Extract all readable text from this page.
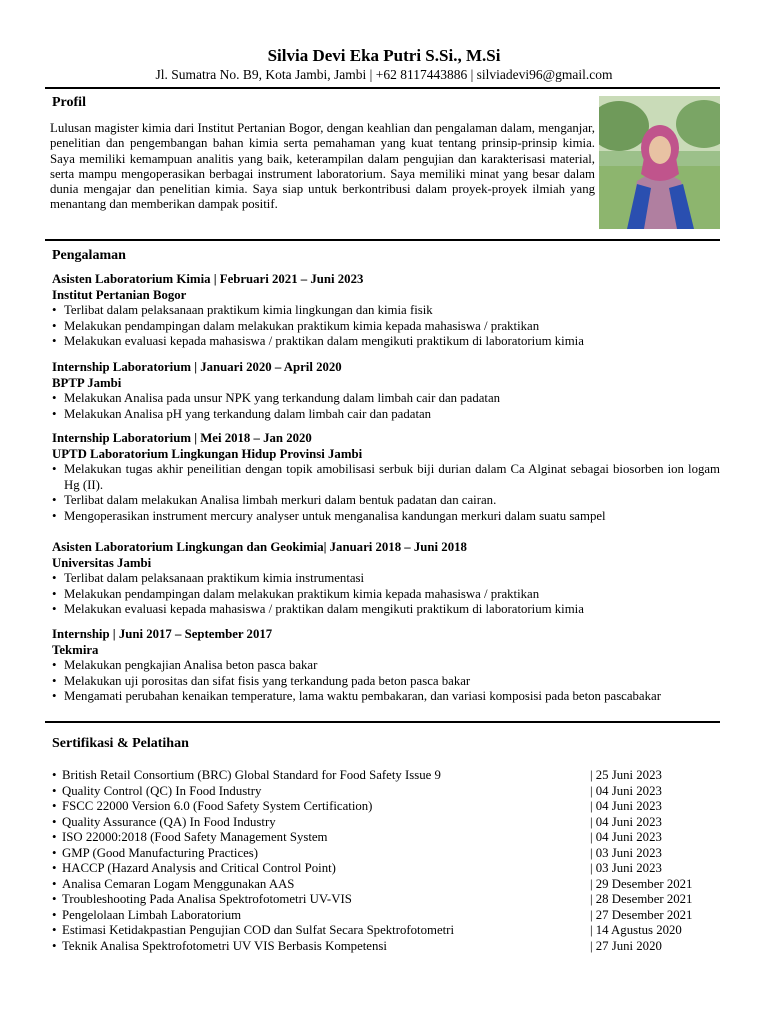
Silvia Devi Eka Putri S.Si., M.Si
Jl. Sumatra No. B9, Kota Jambi, Jambi | +62 8117443886 | silviadevi96@gmail.com
Profil
Lulusan magister kimia dari Institut Pertanian Bogor, dengan keahlian dan pengalaman dalam, menganjar, penelitian dan pengembangan bahan kimia serta pemahaman yang kuat tentang prinsip-prinsip kimia. Saya memiliki kemampuan analitis yang baik, keterampilan dalam pengujian dan karakterisasi material, serta mampu mengoperasikan berbagai instrument laboratorium. Saya memiliki minat yang besar dalam dunia mengajar dan penelitian kimia. Saya siap untuk berkontribusi dalam proyek-proyek ilmiah yang menantang dan memberikan dampak positif.
Pengalaman
Asisten Laboratorium Kimia | Februari 2021 – Juni 2023
Institut Pertanian Bogor
• Terlibat dalam pelaksanaan praktikum kimia lingkungan dan kimia fisik
• Melakukan pendampingan dalam melakukan praktikum kimia kepada mahasiswa / praktikan
• Melakukan evaluasi kepada mahasiswa / praktikan dalam mengikuti praktikum di laboratorium kimia
Internship Laboratorium | Januari 2020 – April 2020
BPTP Jambi
• Melakukan Analisa pada unsur NPK yang terkandung dalam limbah cair dan padatan
• Melakukan Analisa pH yang terkandung dalam limbah cair dan padatan
Internship Laboratorium | Mei 2018 – Jan 2020
UPTD Laboratorium Lingkungan Hidup Provinsi Jambi
• Melakukan tugas akhir peneilitian dengan topik amobilisasi serbuk biji durian dalam Ca Alginat sebagai biosorben ion logam Hg (II).
• Terlibat dalam melakukan Analisa limbah merkuri dalam bentuk padatan dan cairan.
• Mengoperasikan instrument mercury analyser untuk menganalisa kandungan merkuri dalam suatu sampel
Asisten Laboratorium Lingkungan dan Geokimia| Januari 2018 – Juni 2018
Universitas Jambi
• Terlibat dalam pelaksanaan praktikum kimia instrumentasi
• Melakukan pendampingan dalam melakukan praktikum kimia kepada mahasiswa / praktikan
• Melakukan evaluasi kepada mahasiswa / praktikan dalam mengikuti praktikum di laboratorium kimia
Internship | Juni 2017 – September 2017
Tekmira
• Melakukan pengkajian Analisa beton pasca bakar
• Melakukan uji porositas dan sifat fisis yang terkandung pada beton pasca bakar
• Mengamati perubahan kenaikan temperature, lama waktu pembakaran, dan variasi komposisi pada beton pascabakar
Sertifikasi & Pelatihan
• British Retail Consortium (BRC) Global Standard for Food Safety Issue 9	| 25 Juni 2023
• Quality Control (QC) In Food Industry	| 04 Juni 2023
• FSCC 22000 Version 6.0 (Food Safety System Certification)	| 04 Juni 2023
• Quality Assurance (QA) In Food Industry	| 04 Juni 2023
• ISO 22000:2018 (Food Safety Management System	| 04 Juni 2023
• GMP (Good Manufacturing Practices)	| 03 Juni 2023
• HACCP (Hazard Analysis and Critical Control Point)	| 03 Juni 2023
• Analisa Cemaran Logam Menggunakan AAS	| 29 Desember 2021
• Troubleshooting Pada Analisa Spektrofotometri UV-VIS	| 28 Desember 2021
• Pengelolaan Limbah Laboratorium	| 27 Desember 2021
• Estimasi Ketidakpastian Pengujian COD dan Sulfat Secara Spektrofotometri	| 14 Agustus 2020
• Teknik Analisa Spektrofotometri UV VIS Berbasis Kompetensi	| 27 Juni 2020
